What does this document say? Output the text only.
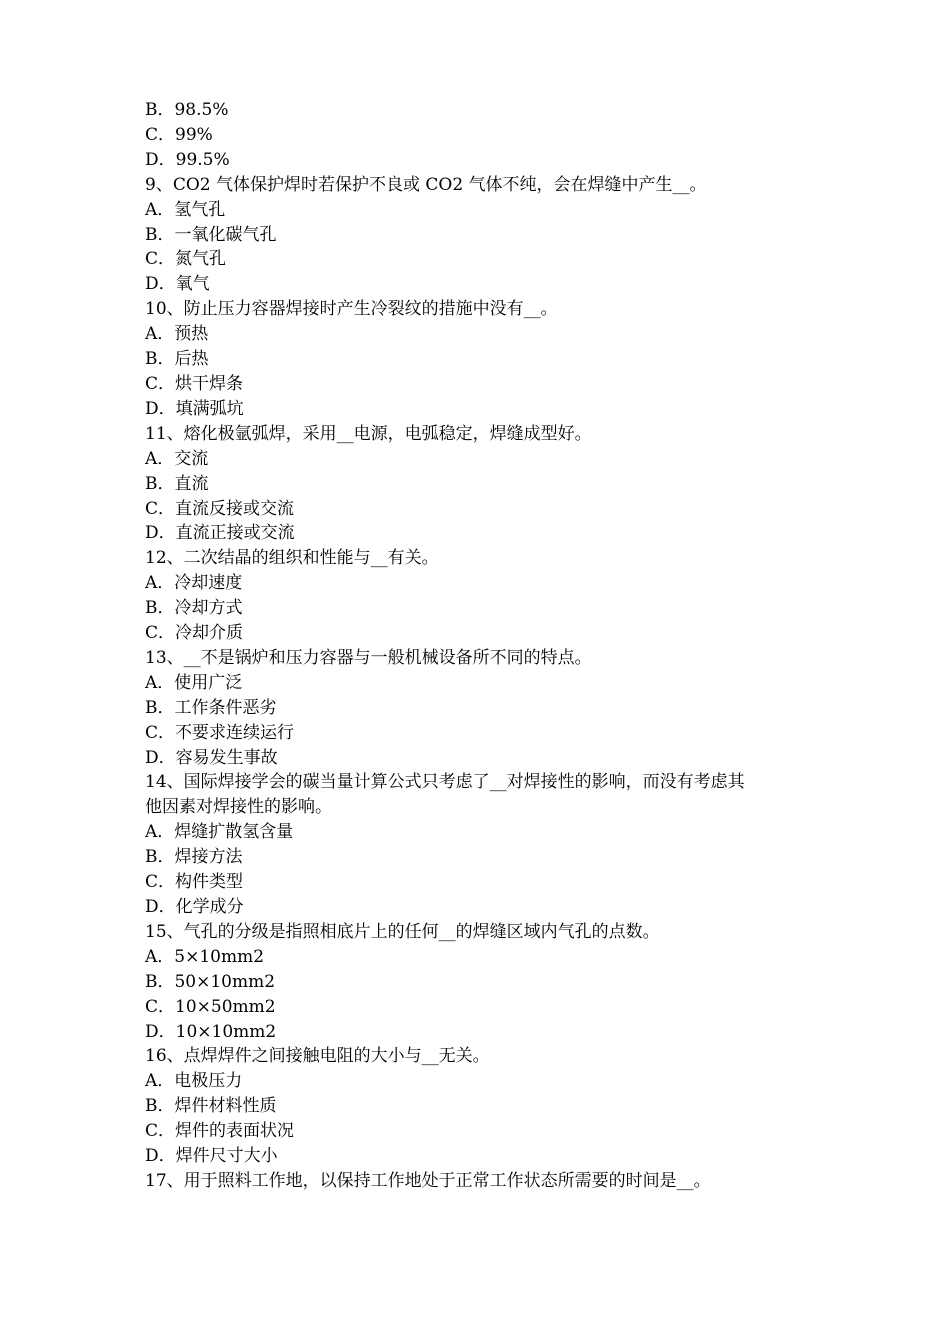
B．98.5%
C．99%
D．99.5%
9、CO2 气体保护焊时若保护不良或 CO2 气体不纯，会在焊缝中产生__。
A．氢气孔
B．一氧化碳气孔
C．氮气孔
D．氧气
10、防止压力容器焊接时产生冷裂纹的措施中没有__。
A．预热
B．后热
C．烘干焊条
D．填满弧坑
11、熔化极氩弧焊，采用__电源，电弧稳定，焊缝成型好。
A．交流
B．直流
C．直流反接或交流
D．直流正接或交流
12、二次结晶的组织和性能与__有关。
A．冷却速度
B．冷却方式
C．冷却介质
13、__不是锅炉和压力容器与一般机械设备所不同的特点。
A．使用广泛
B．工作条件恶劣
C．不要求连续运行
D．容易发生事故
14、国际焊接学会的碳当量计算公式只考虑了__对焊接性的影响，而没有考虑其
他因素对焊接性的影响。
A．焊缝扩散氢含量
B．焊接方法
C．构件类型
D．化学成分
15、气孔的分级是指照相底片上的任何__的焊缝区域内气孔的点数。
A．5×10mm2
B．50×10mm2
C．10×50mm2
D．10×10mm2
16、点焊焊件之间接触电阻的大小与__无关。
A．电极压力
B．焊件材料性质
C．焊件的表面状况
D．焊件尺寸大小
17、用于照料工作地，以保持工作地处于正常工作状态所需要的时间是__。
